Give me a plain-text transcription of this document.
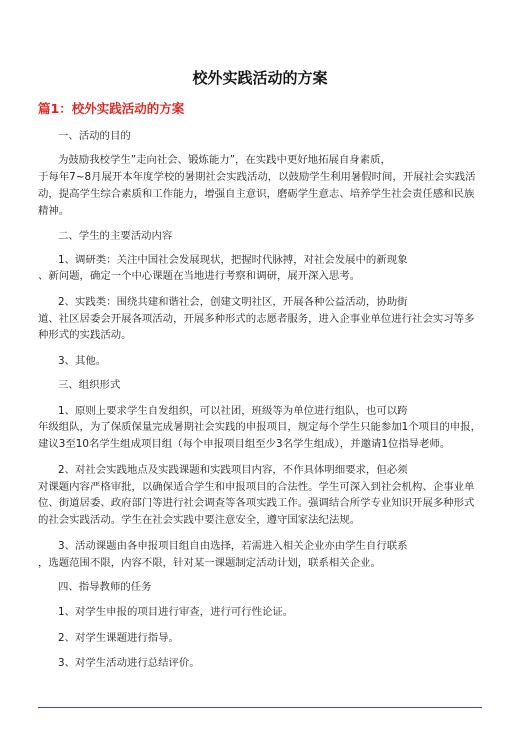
校外实践活动的方案
篇1：校外实践活动的方案
一、活动的目的
为鼓励我校学生”走向社会、锻炼能力”，在实践中更好地拓展自身素质，
于每年7~8月展开本年度学校的暑期社会实践活动，以鼓励学生利用暑假时间，开展社会实践活
动，提高学生综合素质和工作能力，增强自主意识，磨砺学生意志、培养学生社会责任感和民族
精神。
二、学生的主要活动内容
1、调研类：关注中国社会发展现状，把握时代脉搏，对社会发展中的新现象
、新问题，确定一个中心课题在当地进行考察和调研，展开深入思考。
2、实践类：围绕共建和谐社会，创建文明社区，开展各种公益活动，协助街
道、社区居委会开展各项活动，开展多种形式的志愿者服务，进入企事业单位进行社会实习等多
种形式的实践活动。
3、其他。
三、组织形式
1、原则上要求学生自发组织，可以社团，班级等为单位进行组队，也可以跨
年级组队，为了保质保量完成暑期社会实践的申报项目，规定每个学生只能参加1个项目的申报，
建议3至10名学生组成项目组（每个申报项目组至少3名学生组成），并邀请1位指导老师。
2、对社会实践地点及实践课题和实践项目内容，不作具体明细要求，但必须
对课题内容严格审批，以确保适合学生和申报项目的合法性。学生可深入到社会机构、企事业单
位、街道居委、政府部门等进行社会调查等各项实践工作。强调结合所学专业知识开展多种形式
的社会实践活动。学生在社会实践中要注意安全，遵守国家法纪法规。
3、活动课题由各申报项目组自由选择，若需进入相关企业亦由学生自行联系
，选题范围不限，内容不限，针对某一课题制定活动计划，联系相关企业。
四、指导教师的任务
1、对学生申报的项目进行审查，进行可行性论证。
2、对学生课题进行指导。
3、对学生活动进行总结评价。
